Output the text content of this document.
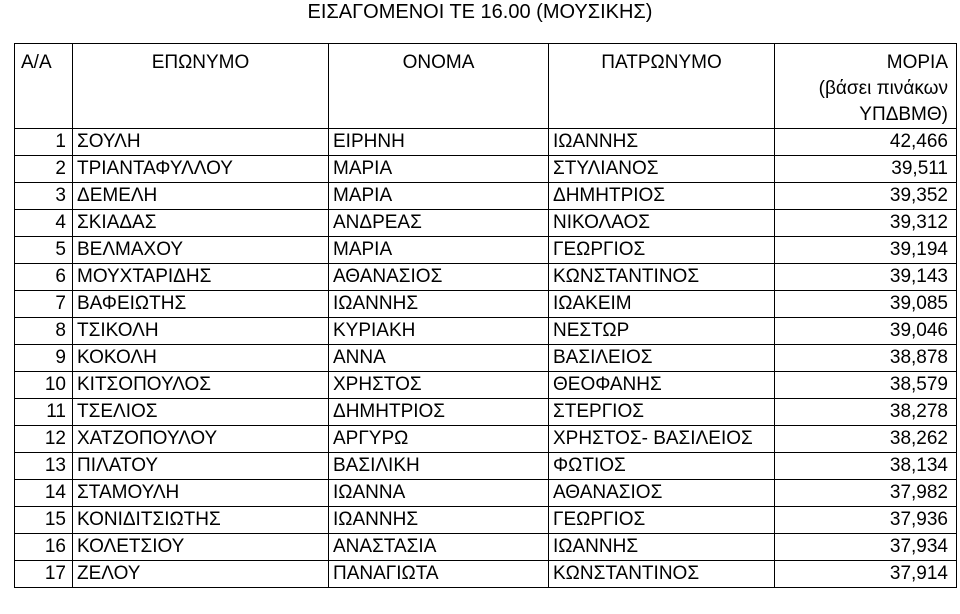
ΕΙΣΑΓΟΜΕΝΟΙ ΤΕ 16.00 (ΜΟΥΣΙΚΗΣ)
Α/Α	ΕΠΩΝΥΜΟ	ΟΝΟΜΑ	ΠΑΤΡΩΝΥΜΟ	ΜΟΡΙΑ
(βάσει πινάκων
ΥΠΔΒΜΘ)

1	ΣΟΥΛΗ	ΕΙΡΗΝΗ	ΙΩΑΝΝΗΣ	42,466
2	ΤΡΙΑΝΤΑΦΥΛΛΟΥ	ΜΑΡΙΑ	ΣΤΥΛΙΑΝΟΣ	39,511
3	ΔΕΜΕΛΗ	ΜΑΡΙΑ	ΔΗΜΗΤΡΙΟΣ	39,352
4	ΣΚΙΑΔΑΣ	ΑΝΔΡΕΑΣ	ΝΙΚΟΛΑΟΣ	39,312
5	ΒΕΛΜΑΧΟΥ	ΜΑΡΙΑ	ΓΕΩΡΓΙΟΣ	39,194
6	ΜΟΥΧΤΑΡΙΔΗΣ	ΑΘΑΝΑΣΙΟΣ	ΚΩΝΣΤΑΝΤΙΝΟΣ	39,143
7	ΒΑΦΕΙΩΤΗΣ	ΙΩΑΝΝΗΣ	ΙΩΑΚΕΙΜ	39,085
8	ΤΣΙΚΟΛΗ	ΚΥΡΙΑΚΗ	ΝΕΣΤΩΡ	39,046
9	ΚΟΚΟΛΗ	ΑΝΝΑ	ΒΑΣΙΛΕΙΟΣ	38,878
10	ΚΙΤΣΟΠΟΥΛΟΣ	ΧΡΗΣΤΟΣ	ΘΕΟΦΑΝΗΣ	38,579
11	ΤΣΕΛΙΟΣ	ΔΗΜΗΤΡΙΟΣ	ΣΤΕΡΓΙΟΣ	38,278
12	ΧΑΤΖΟΠΟΥΛΟΥ	ΑΡΓΥΡΩ	ΧΡΗΣΤΟΣ- ΒΑΣΙΛΕΙΟΣ	38,262
13	ΠΙΛΑΤΟΥ	ΒΑΣΙΛΙΚΗ	ΦΩΤΙΟΣ	38,134
14	ΣΤΑΜΟΥΛΗ	ΙΩΑΝΝΑ	ΑΘΑΝΑΣΙΟΣ	37,982
15	ΚΟΝΙΔΙΤΣΙΩΤΗΣ	ΙΩΑΝΝΗΣ	ΓΕΩΡΓΙΟΣ	37,936
16	ΚΟΛΕΤΣΙΟΥ	ΑΝΑΣΤΑΣΙΑ	ΙΩΑΝΝΗΣ	37,934
17	ΖΕΛΟΥ	ΠΑΝΑΓΙΩΤΑ	ΚΩΝΣΤΑΝΤΙΝΟΣ	37,914
